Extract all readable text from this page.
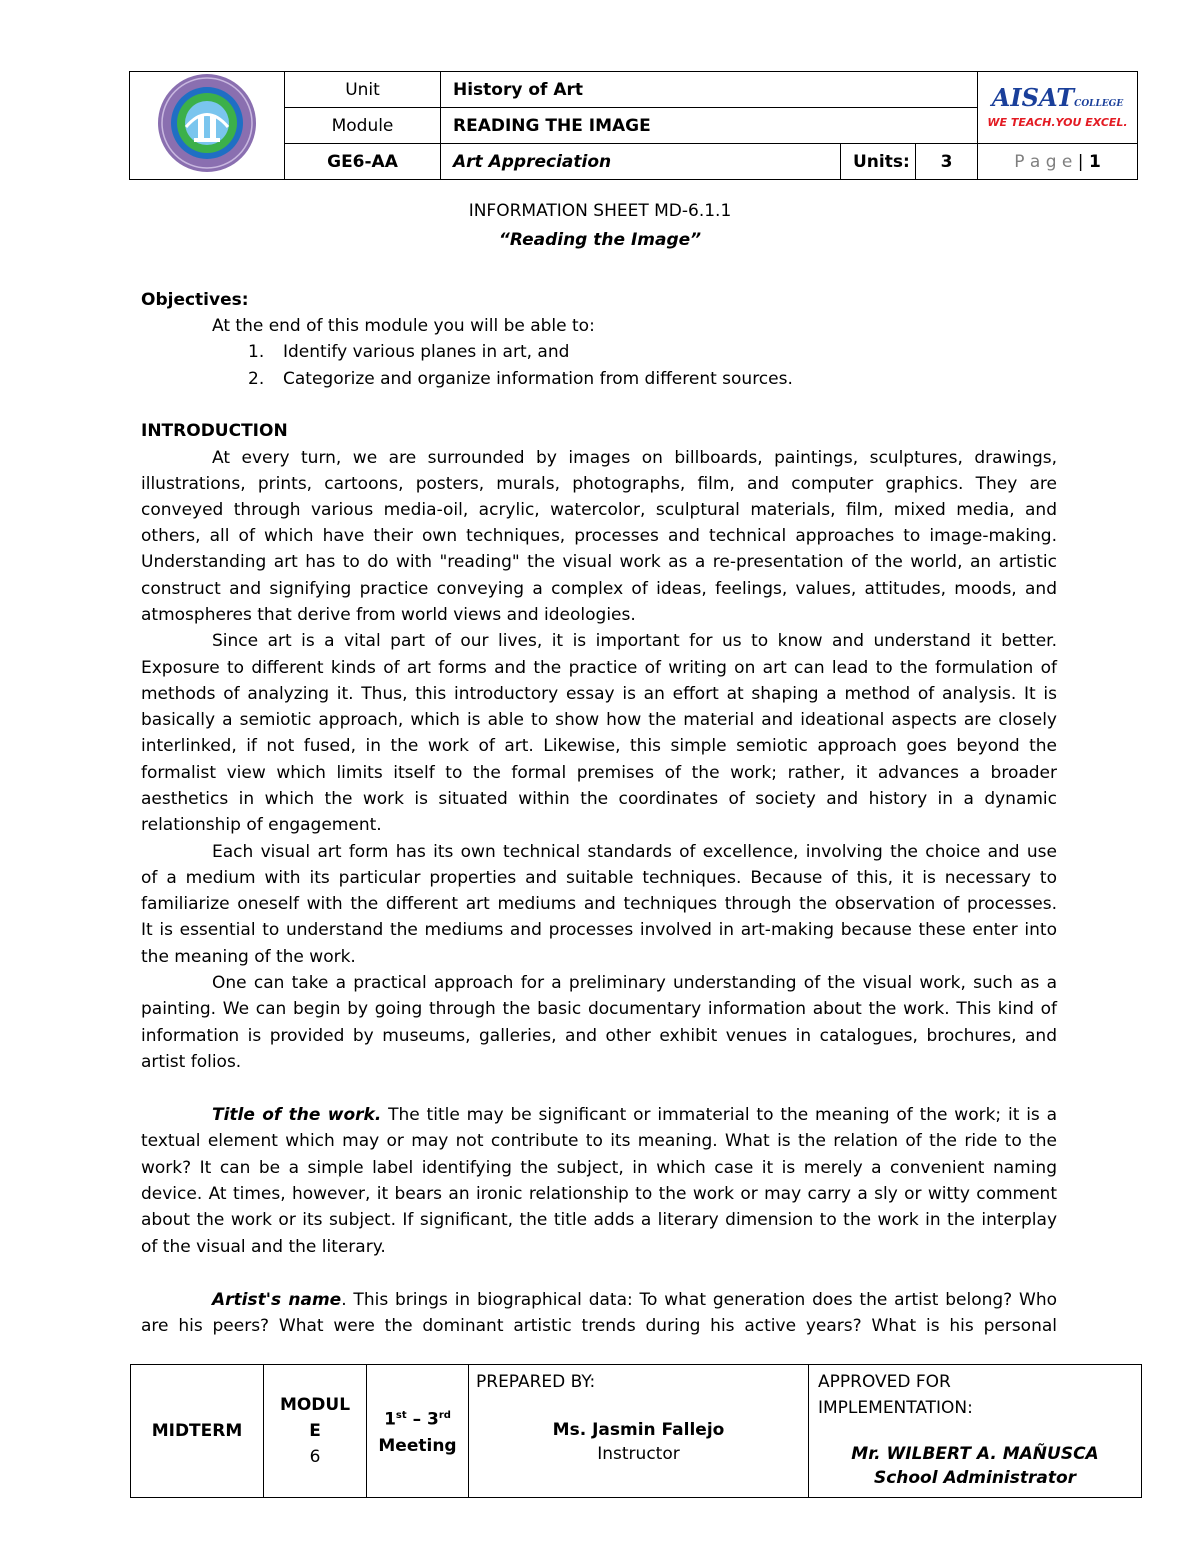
	Unit	History of Art			AISATCOLLEGE
WE TEACH.YOU EXCEL.

	Module	READING THE IMAGE			
	GE6-AA	Art Appreciation	Units:	3	P a g e | 1
INFORMATION SHEET MD-6.1.1
“Reading the Image”
Objectives:
At the end of this module you will be able to:
1. Identify various planes in art, and
2. Categorize and organize information from different sources.
INTRODUCTION
At every turn, we are surrounded by images on billboards, paintings, sculptures, drawings,
illustrations, prints, cartoons, posters, murals, photographs, film, and computer graphics. They are
conveyed through various media-oil, acrylic, watercolor, sculptural materials, film, mixed media, and
others, all of which have their own techniques, processes and technical approaches to image-making.
Understanding art has to do with "reading" the visual work as a re-presentation of the world, an artistic
construct and signifying practice conveying a complex of ideas, feelings, values, attitudes, moods, and
atmospheres that derive from world views and ideologies.
Since art is a vital part of our lives, it is important for us to know and understand it better.
Exposure to different kinds of art forms and the practice of writing on art can lead to the formulation of
methods of analyzing it. Thus, this introductory essay is an effort at shaping a method of analysis. It is
basically a semiotic approach, which is able to show how the material and ideational aspects are closely
interlinked, if not fused, in the work of art. Likewise, this simple semiotic approach goes beyond the
formalist view which limits itself to the formal premises of the work; rather, it advances a broader
aesthetics in which the work is situated within the coordinates of society and history in a dynamic
relationship of engagement.
Each visual art form has its own technical standards of excellence, involving the choice and use
of a medium with its particular properties and suitable techniques. Because of this, it is necessary to
familiarize oneself with the different art mediums and techniques through the observation of processes.
It is essential to understand the mediums and processes involved in art-making because these enter into
the meaning of the work.
One can take a practical approach for a preliminary understanding of the visual work, such as a
painting. We can begin by going through the basic documentary information about the work. This kind of
information is provided by museums, galleries, and other exhibit venues in catalogues, brochures, and
artist folios.
Title of the work. The title may be significant or immaterial to the meaning of the work; it is a
textual element which may or may not contribute to its meaning. What is the relation of the ride to the
work? It can be a simple label identifying the subject, in which case it is merely a convenient naming
device. At times, however, it bears an ironic relationship to the work or may carry a sly or witty comment
about the work or its subject. If significant, the title adds a literary dimension to the work in the interplay
of the visual and the literary.
Artist's name. This brings in biographical data: To what generation does the artist belong? Who
are his peers? What were the dominant artistic trends during his active years? What is his personal
MIDTERM	
MODUL
E
6

1st – 3rd
Meeting

PREPARED BY:
Ms. Jasmin Fallejo
Instructor

APPROVED FOR
IMPLEMENTATION:
Mr. WILBERT A. MAÑUSCA
School Administrator
